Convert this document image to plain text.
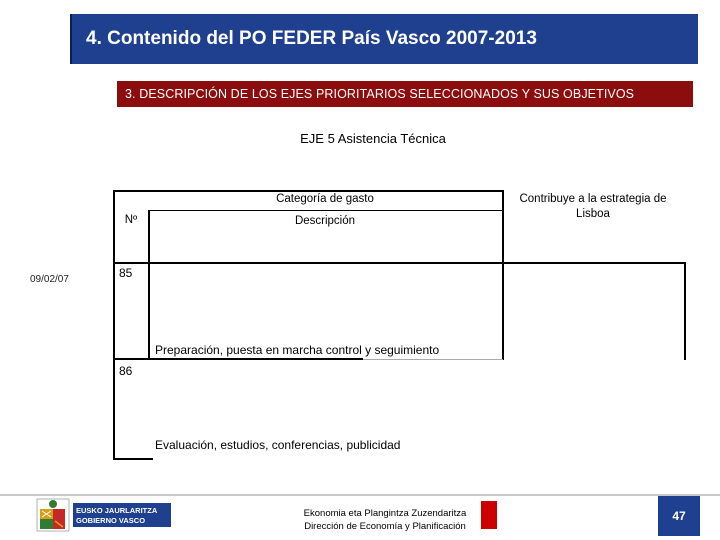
4. Contenido del PO FEDER País Vasco 2007-2013
3. DESCRIPCIÓN DE LOS EJES PRIORITARIOS SELECCIONADOS Y SUS OBJETIVOS
EJE 5 Asistencia Técnica
09/02/07
Categoría de gasto
Nº	Descripción
Contribuye a la estrategia de Lisboa
85
Preparación, puesta en marcha control y seguimiento
86
Evaluación, estudios, conferencias, publicidad
EUSKO JAURLARITZA
GOBIERNO VASCO
Ekonomia eta Plangintza Zuzendaritza
Dirección de Economía y Planificación
47
